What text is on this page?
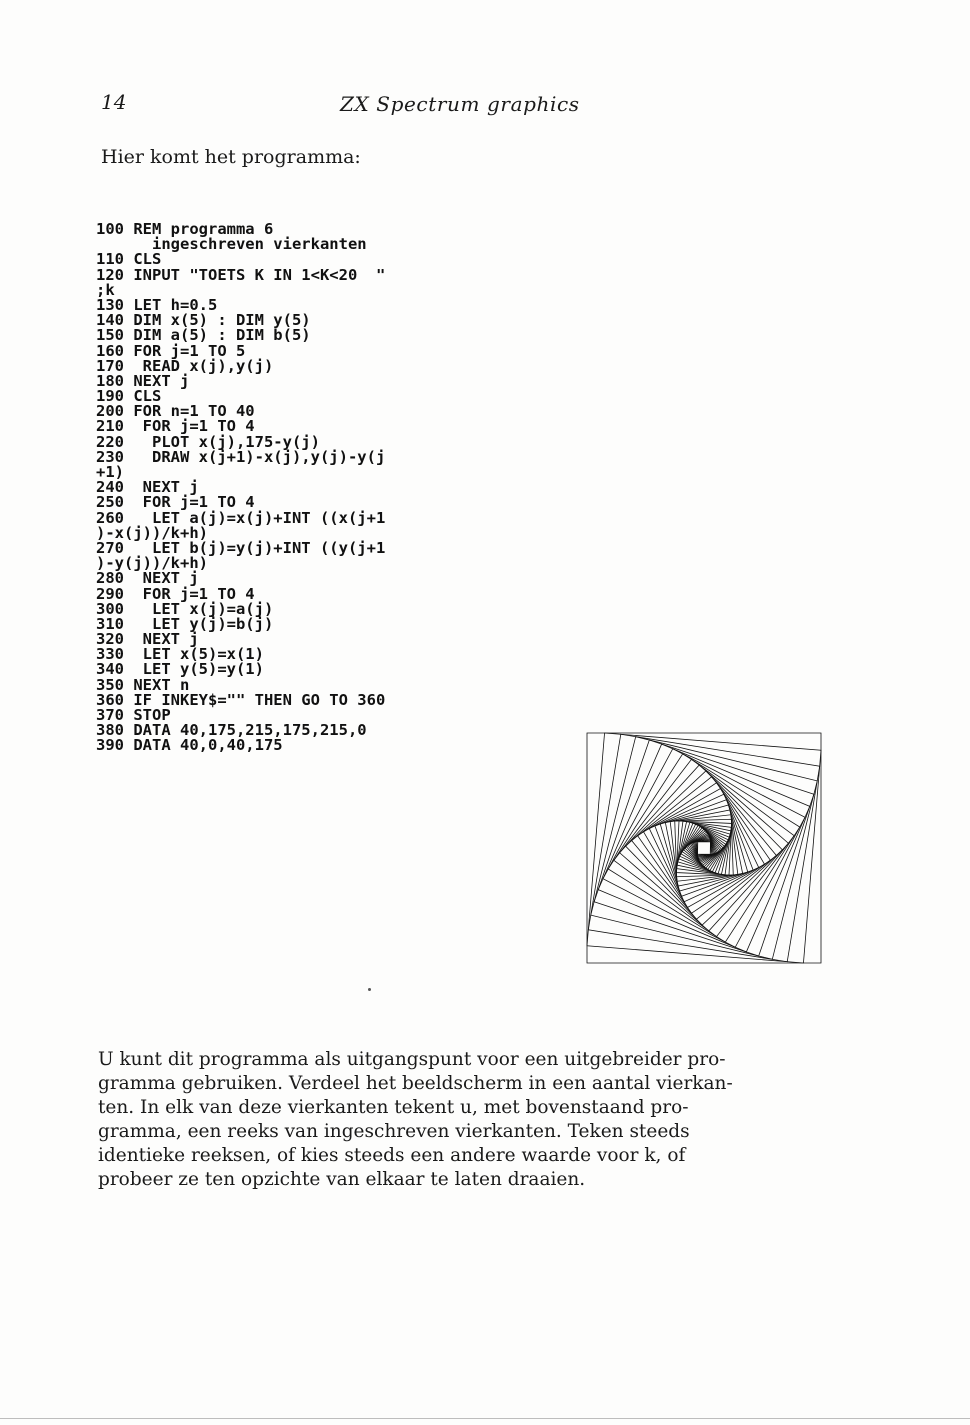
14	ZX Spectrum graphics
Hier komt het programma:
100 REM programma 6
ingeschreven vierkanten
110 CLS
120 INPUT "TOETS K IN 1<K<20  "
;k
130 LET h=0.5
140 DIM x(5) : DIM y(5)
150 DIM a(5) : DIM b(5)
160 FOR j=1 TO 5
170  READ x(j),y(j)
180 NEXT j
190 CLS
200 FOR n=1 TO 40
210  FOR j=1 TO 4
220   PLOT x(j),175-y(j)
230   DRAW x(j+1)-x(j),y(j)-y(j
+1)
240  NEXT j
250  FOR j=1 TO 4
260   LET a(j)=x(j)+INT ((x(j+1
)-x(j))/k+h)
270   LET b(j)=y(j)+INT ((y(j+1
)-y(j))/k+h)
280  NEXT j
290  FOR j=1 TO 4
300   LET x(j)=a(j)
310   LET y(j)=b(j)
320  NEXT j
330  LET x(5)=x(1)
340  LET y(5)=y(1)
350 NEXT n
360 IF INKEY$="" THEN GO TO 360
370 STOP
380 DATA 40,175,215,175,215,0
390 DATA 40,0,40,175
U kunt dit programma als uitgangspunt voor een uitgebreider pro-
gramma gebruiken. Verdeel het beeldscherm in een aantal vierkan-
ten. In elk van deze vierkanten tekent u, met bovenstaand pro-
gramma, een reeks van ingeschreven vierkanten. Teken steeds
identieke reeksen, of kies steeds een andere waarde voor k, of
probeer ze ten opzichte van elkaar te laten draaien.
